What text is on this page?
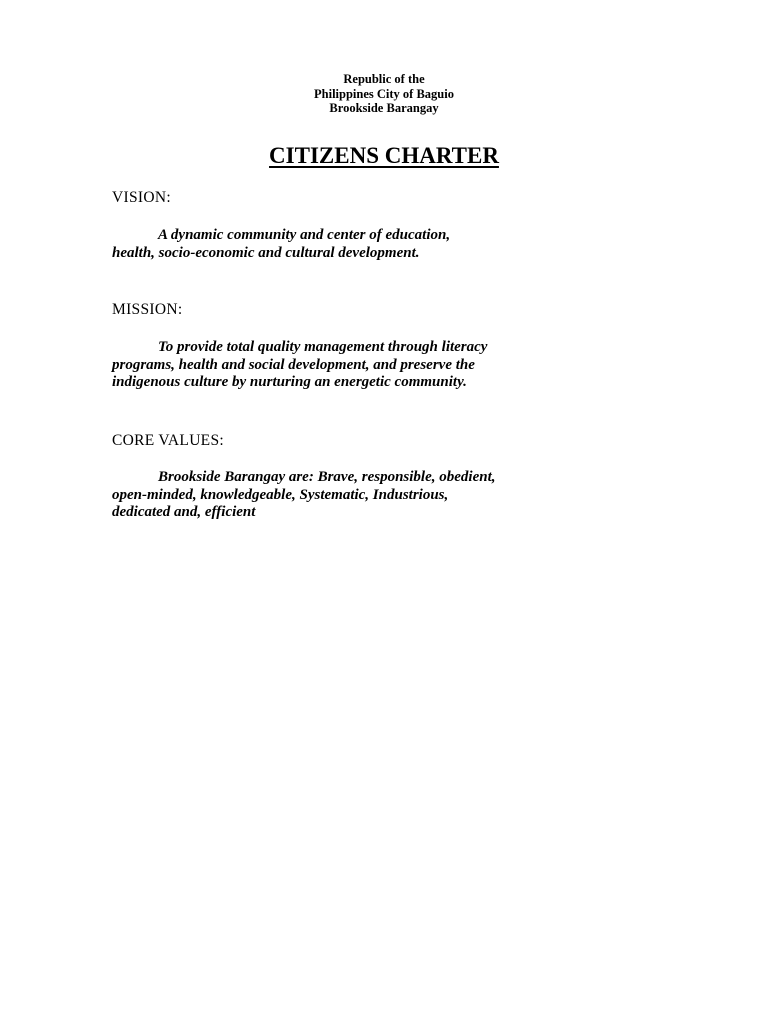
Republic of the
Philippines City of Baguio
Brookside Barangay
CITIZENS CHARTER
VISION:
A dynamic community and center of education,
health, socio-economic and cultural development.
MISSION:
To provide total quality management through literacy
programs, health and social development, and preserve the
indigenous culture by nurturing an energetic community.
CORE VALUES:
Brookside Barangay are: Brave, responsible, obedient,
open-minded, knowledgeable, Systematic, Industrious,
dedicated and, efficient
